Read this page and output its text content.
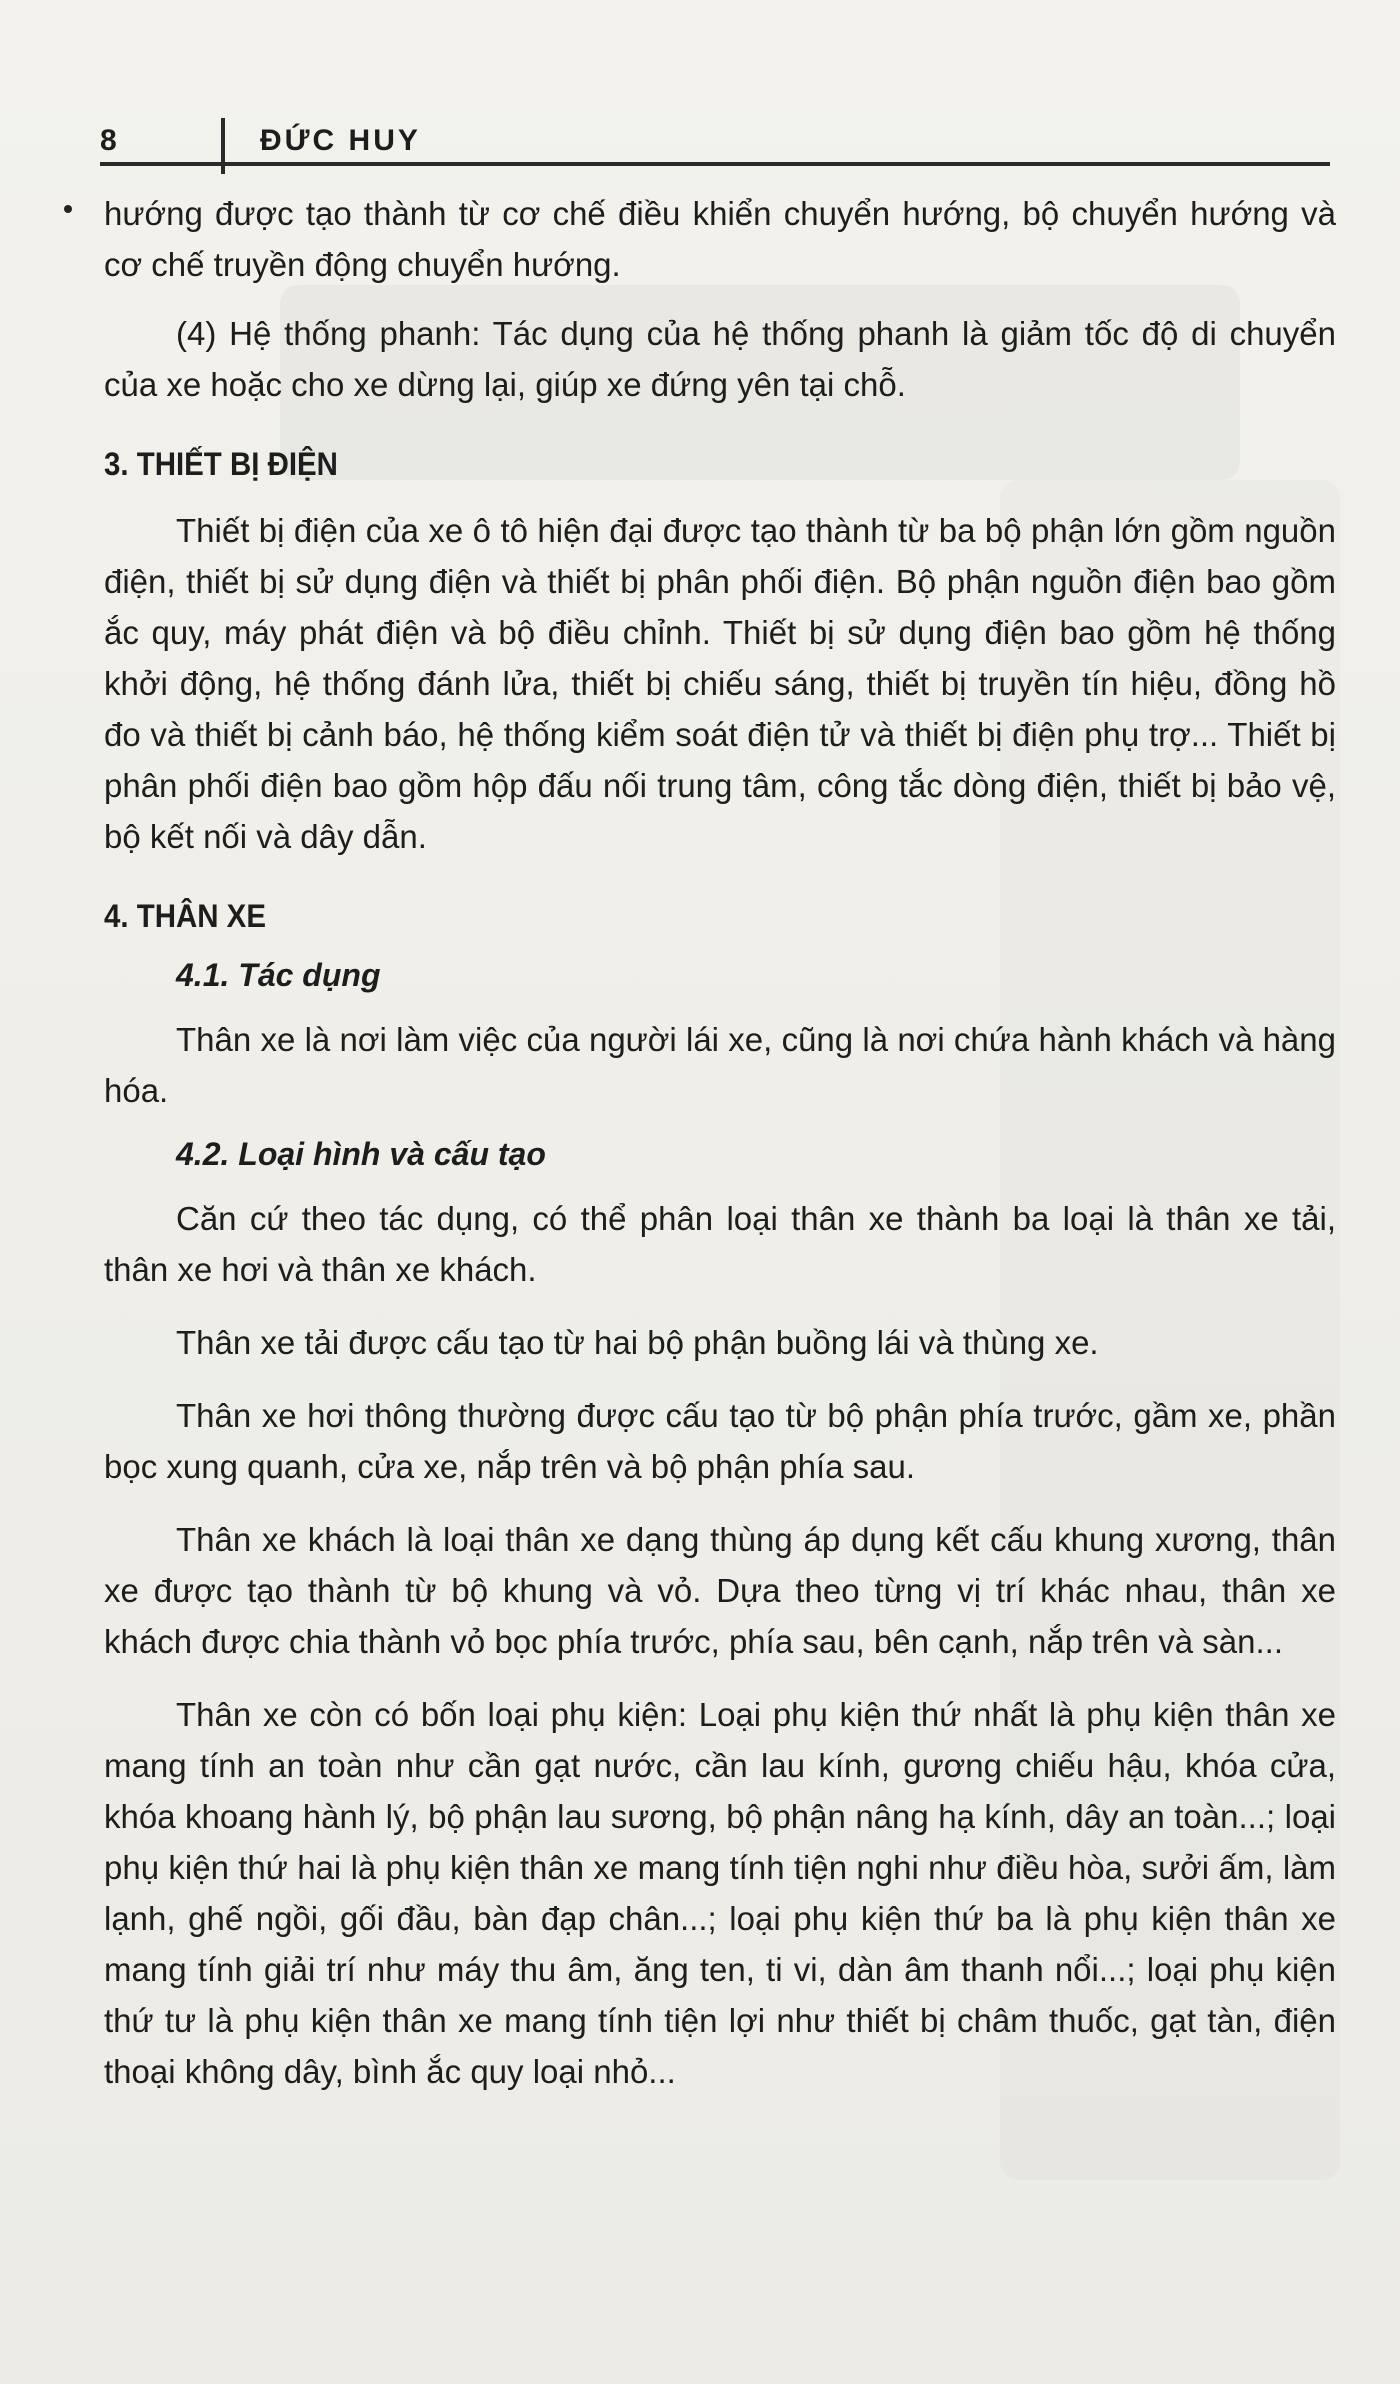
8	ĐỨC HUY

hướng được tạo thành từ cơ chế điều khiển chuyển hướng, bộ chuyển hướng và cơ chế truyền động chuyển hướng.

(4) Hệ thống phanh: Tác dụng của hệ thống phanh là giảm tốc độ di chuyển của xe hoặc cho xe dừng lại, giúp xe đứng yên tại chỗ.

3. THIẾT BỊ ĐIỆN

Thiết bị điện của xe ô tô hiện đại được tạo thành từ ba bộ phận lớn gồm nguồn điện, thiết bị sử dụng điện và thiết bị phân phối điện. Bộ phận nguồn điện bao gồm ắc quy, máy phát điện và bộ điều chỉnh. Thiết bị sử dụng điện bao gồm hệ thống khởi động, hệ thống đánh lửa, thiết bị chiếu sáng, thiết bị truyền tín hiệu, đồng hồ đo và thiết bị cảnh báo, hệ thống kiểm soát điện tử và thiết bị điện phụ trợ... Thiết bị phân phối điện bao gồm hộp đấu nối trung tâm, công tắc dòng điện, thiết bị bảo vệ, bộ kết nối và dây dẫn.

4. THÂN XE
4.1. Tác dụng

Thân xe là nơi làm việc của người lái xe, cũng là nơi chứa hành khách và hàng hóa.

4.2. Loại hình và cấu tạo

Căn cứ theo tác dụng, có thể phân loại thân xe thành ba loại là thân xe tải, thân xe hơi và thân xe khách.

Thân xe tải được cấu tạo từ hai bộ phận buồng lái và thùng xe.

Thân xe hơi thông thường được cấu tạo từ bộ phận phía trước, gầm xe, phần bọc xung quanh, cửa xe, nắp trên và bộ phận phía sau.

Thân xe khách là loại thân xe dạng thùng áp dụng kết cấu khung xương, thân xe được tạo thành từ bộ khung và vỏ. Dựa theo từng vị trí khác nhau, thân xe khách được chia thành vỏ bọc phía trước, phía sau, bên cạnh, nắp trên và sàn...

Thân xe còn có bốn loại phụ kiện: Loại phụ kiện thứ nhất là phụ kiện thân xe mang tính an toàn như cần gạt nước, cần lau kính, gương chiếu hậu, khóa cửa, khóa khoang hành lý, bộ phận lau sương, bộ phận nâng hạ kính, dây an toàn...; loại phụ kiện thứ hai là phụ kiện thân xe mang tính tiện nghi như điều hòa, sưởi ấm, làm lạnh, ghế ngồi, gối đầu, bàn đạp chân...; loại phụ kiện thứ ba là phụ kiện thân xe mang tính giải trí như máy thu âm, ăng ten, ti vi, dàn âm thanh nổi...; loại phụ kiện thứ tư là phụ kiện thân xe mang tính tiện lợi như thiết bị châm thuốc, gạt tàn, điện thoại không dây, bình ắc quy loại nhỏ...
